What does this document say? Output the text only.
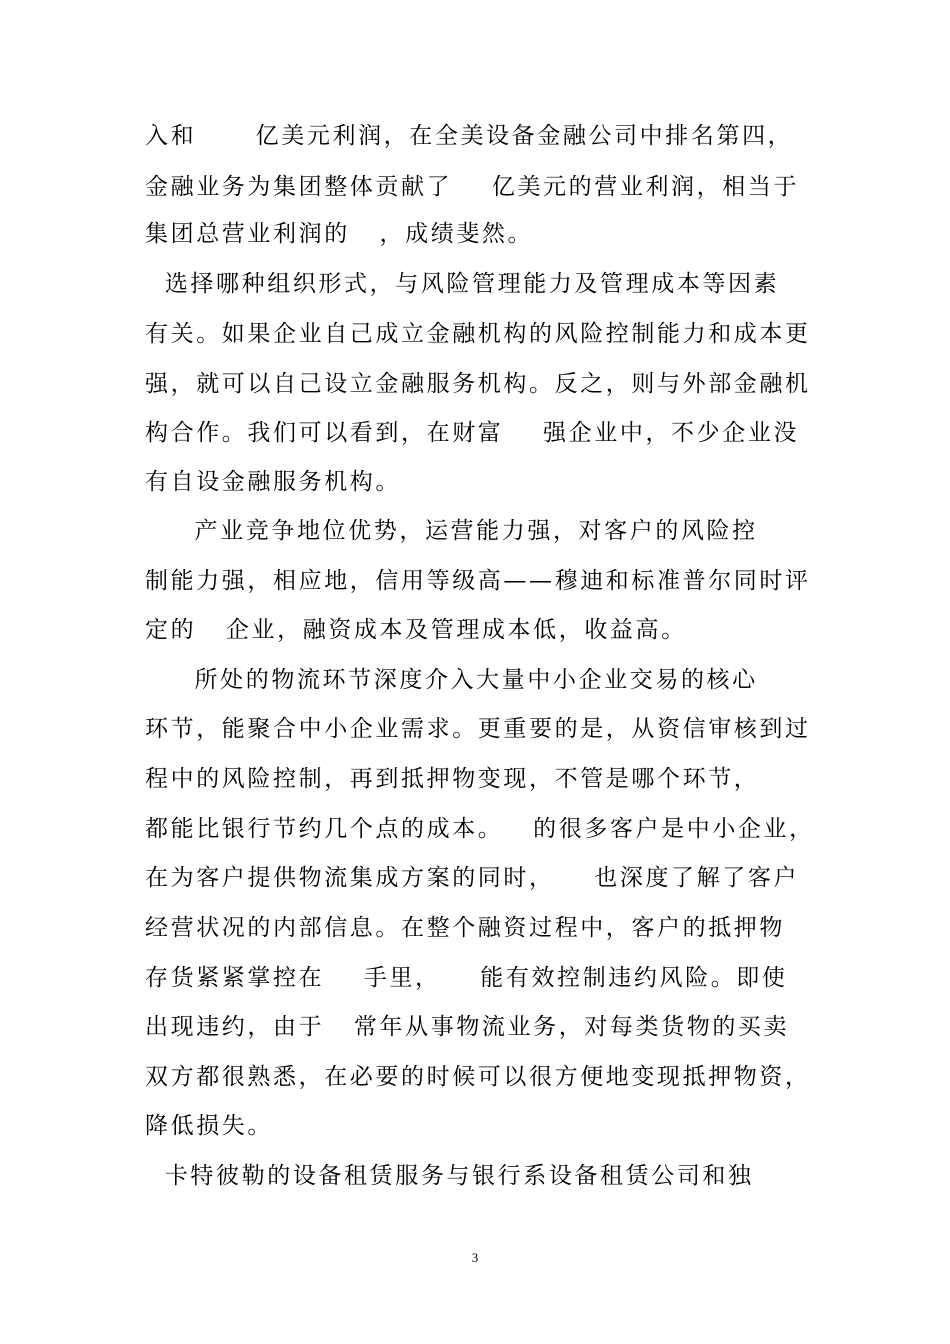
入和      亿美元利润，在全美设备金融公司中排名第四，
金融业务为集团整体贡献了    亿美元的营业利润，相当于
集团总营业利润的   ，成绩斐然。
选择哪种组织形式，与风险管理能力及管理成本等因素
有关。如果企业自己成立金融机构的风险控制能力和成本更
强，就可以自己设立金融服务机构。反之，则与外部金融机
构合作。我们可以看到，在财富    强企业中，不少企业没
有自设金融服务机构。
产业竞争地位优势，运营能力强，对客户的风险控
制能力强，相应地，信用等级高——穆迪和标准普尔同时评
定的   企业，融资成本及管理成本低，收益高。
所处的物流环节深度介入大量中小企业交易的核心
环节，能聚合中小企业需求。更重要的是，从资信审核到过
程中的风险控制，再到抵押物变现，不管是哪个环节，
都能比银行节约几个点的成本。   的很多客户是中小企业，
在为客户提供物流集成方案的同时，    也深度了解了客户
经营状况的内部信息。在整个融资过程中，客户的抵押物
存货紧紧掌控在    手里，    能有效控制违约风险。即使
出现违约，由于   常年从事物流业务，对每类货物的买卖
双方都很熟悉，在必要的时候可以很方便地变现抵押物资，
降低损失。
卡特彼勒的设备租赁服务与银行系设备租赁公司和独
3
